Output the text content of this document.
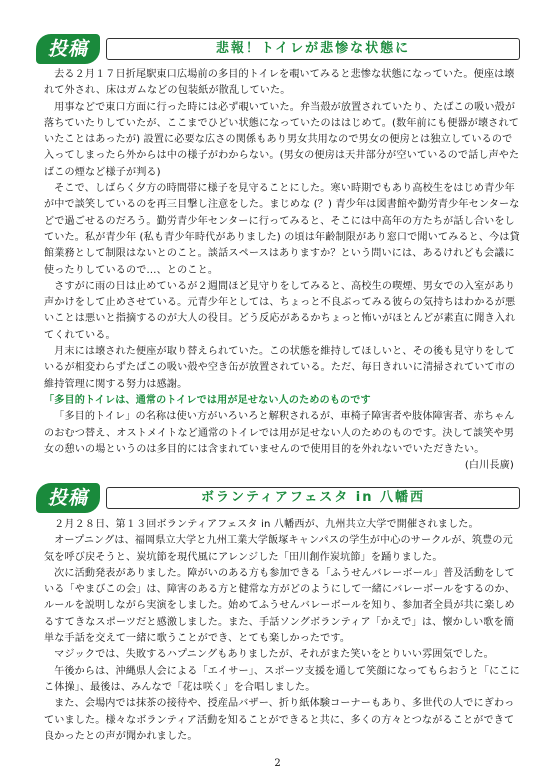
投稿	悲報！トイレが悲惨な状態に

去る２月１７日折尾駅東口広場前の多目的トイレを覗いてみると悲惨な状態になっていた。便座は壊れて外され、床はガムなどの包装紙が散乱していた。

用事などで東口方面に行った時には必ず覗いていた。弁当殻が放置されていたり、たばこの吸い殻が落ちていたりしていたが、ここまでひどい状態になっていたのははじめて。(数年前にも便器が壊されていたことはあったが) 設置に必要な広さの関係もあり男女共用なので男女の便房とは独立しているので入ってしまったら外からは中の様子がわからない。(男女の便房は天井部分が空いているので話し声やたばこの煙など様子が判る)

そこで、しばらく夕方の時間帯に様子を見守ることにした。寒い時期でもあり高校生をはじめ青少年が中で談笑しているのを再三目撃し注意をした。まじめな (？) 青少年は図書館や勤労青少年センターなどで過ごせるのだろう。勤労青少年センターに行ってみると、そこには中高年の方たちが話し合いをしていた。私が青少年 (私も青少年時代がありました) の頃は年齢制限があり窓口で聞いてみると、今は貸館業務として制限はないとのこと。談話スペースはありますか？という問いには、あるけれども会議に使ったりしているので…、とのこと。

さすがに雨の日は止めているが２週間ほど見守りをしてみると、高校生の喫煙、男女での入室があり声かけをして止めさせている。元青少年としては、ちょっと不良ぶってみる彼らの気持ちはわかるが悪いことは悪いと指摘するのが大人の役目。どう反応があるかちょっと怖いがほとんどが素直に聞き入れてくれている。

月末には壊された便座が取り替えられていた。この状態を維持してほしいと、その後も見守りをしているが相変わらずたばこの吸い殻や空き缶が放置されている。ただ、毎日きれいに清掃されていて市の維持管理に関する努力は感謝。

「多目的トイレは、通常のトイレでは用が足せない人のためのものです

「多目的トイレ」の名称は使い方がいろいろと解釈されるが、車椅子障害者や肢体障害者、赤ちゃんのおむつ替え、オストメイトなど通常のトイレでは用が足せない人のためのものです。決して談笑や男女の憩いの場というのは多目的には含まれていませんので使用目的を外れないでいただきたい。
(白川長廣)

投稿	ボランティアフェスタ in 八幡西

２月２８日、第１３回ボランティアフェスタ in 八幡西が、九州共立大学で開催されました。

オープニングは、福岡県立大学と九州工業大学飯塚キャンパスの学生が中心のサークルが、筑豊の元気を呼び戻そうと、炭坑節を現代風にアレンジした「田川創作炭坑節」を踊りました。

次に活動発表がありました。障がいのある方も参加できる「ふうせんバレーボール」普及活動をしている「やまびこの会」は、障害のある方と健常な方がどのようにして一緒にバレーボールをするのか、ルールを説明しながら実演をしました。始めてふうせんバレーボールを知り、参加者全員が共に楽しめるすてきなスポーツだと感激しました。また、手話ソングボランティア「かえで」は、懐かしい歌を簡単な手話を交えて一緒に歌うことができ、とても楽しかったです。

マジックでは、失敗するハプニングもありましたが、それがまた笑いをとりいい雰囲気でした。

午後からは、沖縄県人会による「エイサー」、スポーツ支援を通して笑顔になってもらおうと「にこにこ体操」、最後は、みんなで「花は咲く」を合唱しました。

また、会場内では抹茶の接待や、授産品バザー、折り紙体験コーナーもあり、多世代の人でにぎわっていました。様々なボランティア活動を知ることができると共に、多くの方々とつながることができて良かったとの声が聞かれました。

2
